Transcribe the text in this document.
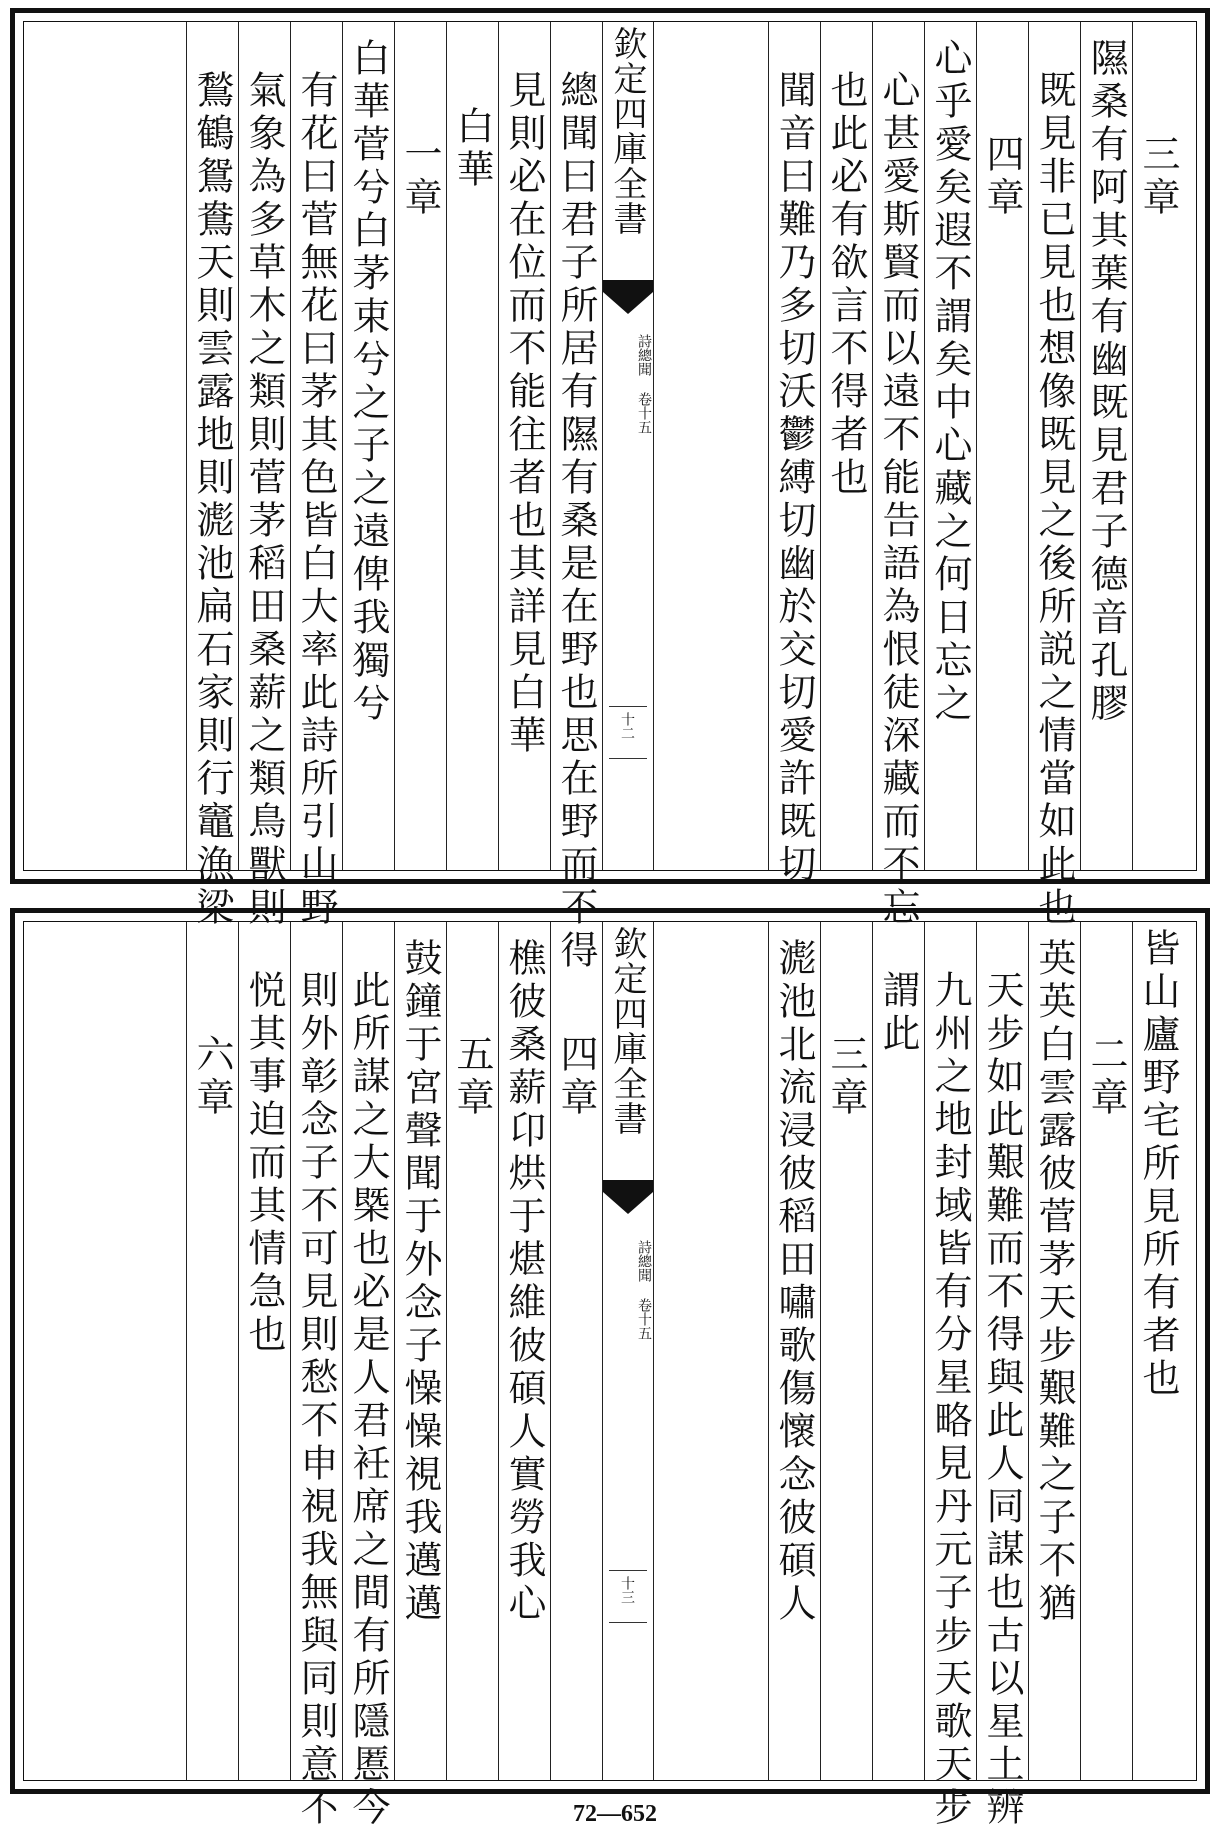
三章
隰桑有阿其葉有幽既見君子德音孔膠
既見非已見也想像既見之後所説之情當如此也
四章
心乎愛矣遐不謂矣中心藏之何日忘之
心甚愛斯賢而以遠不能告語為恨徒深藏而不忘
也此必有欲言不得者也
聞音曰難乃多切沃鬱縛切幽於交切愛許既切
欽定四庫全書
詩總聞 卷十五
十二
總聞曰君子所居有隰有桑是在野也思在野而不得
見則必在位而不能往者也其詳見白華
白華
一章
白華菅兮白茅束兮之子之遠俾我獨兮
有花曰菅無花曰茅其色皆白大率此詩所引山野
氣象為多草木之類則菅茅稻田桑薪之類鳥獸則
鶖鶴鴛鴦天則雲露地則滮池扁石家則行竈漁梁
皆山廬野宅所見所有者也
二章
英英白雲露彼菅茅天步艱難之子不猶
天步如此艱難而不得與此人同謀也古以星土辨
九州之地封域皆有分星略見丹元子步天歌天步
謂此
三章
滮池北流浸彼稻田嘯歌傷懷念彼碩人
欽定四庫全書
詩總聞 卷十五
十三
四章
樵彼桑薪卬烘于煁維彼碩人實勞我心
五章
鼓鐘于宮聲聞于外念子懆懆視我邁邁
此所謀之大槩也必是人君衽席之間有所隱慝今
則外彰念子不可見則愁不申視我無與同則意不
悦其事迫而其情急也
六章
72—652
